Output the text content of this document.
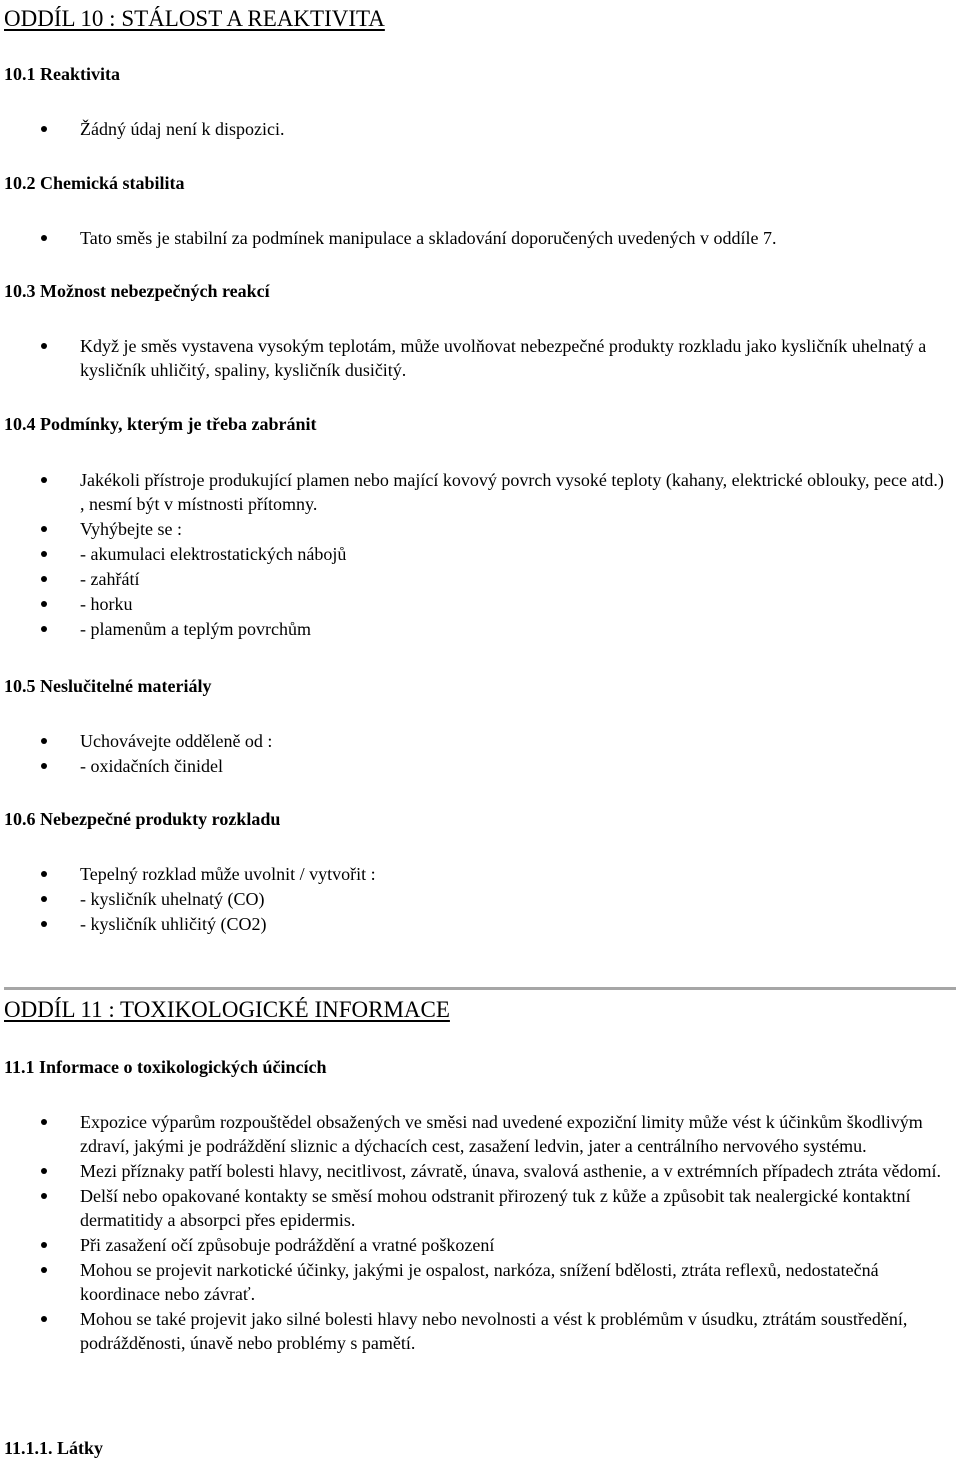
ODDÍL 10 : STÁLOST A REAKTIVITA
10.1 Reaktivita
Žádný údaj není k dispozici.
10.2 Chemická stabilita
Tato směs je stabilní za podmínek manipulace a skladování doporučených uvedených v oddíle 7.
10.3 Možnost nebezpečných reakcí
Když je směs vystavena vysokým teplotám, může uvolňovat nebezpečné produkty rozkladu jako kysličník uhelnatý a kysličník uhličitý, spaliny, kysličník dusičitý.
10.4 Podmínky, kterým je třeba zabránit
Jakékoli přístroje produkující plamen nebo mající kovový povrch vysoké teploty (kahany, elektrické oblouky, pece atd.) , nesmí být v místnosti přítomny.
Vyhýbejte se :
- akumulaci elektrostatických nábojů
- zahřátí
- horku
- plamenům a teplým povrchům
10.5 Neslučitelné materiály
Uchovávejte odděleně od :
- oxidačních činidel
10.6 Nebezpečné produkty rozkladu
Tepelný rozklad může uvolnit / vytvořit :
- kysličník uhelnatý (CO)
- kysličník uhličitý (CO2)
ODDÍL 11 : TOXIKOLOGICKÉ INFORMACE
11.1 Informace o toxikologických účincích
Expozice výparům rozpouštědel obsažených ve směsi nad uvedené expoziční limity může vést k účinkům škodlivým zdraví, jakými je podráždění sliznic a dýchacích cest, zasažení ledvin, jater a centrálního nervového systému.
Mezi příznaky patří bolesti hlavy, necitlivost, závratě, únava, svalová asthenie, a v extrémních případech ztráta vědomí.
Delší nebo opakované kontakty se směsí mohou odstranit přirozený tuk z kůže a způsobit tak nealergické kontaktní dermatitidy a absorpci přes epidermis.
Při zasažení očí způsobuje podráždění a vratné poškození
Mohou se projevit narkotické účinky, jakými je ospalost, narkóza, snížení bdělosti, ztráta reflexů, nedostatečná koordinace nebo závrať.
Mohou se také projevit jako silné bolesti hlavy nebo nevolnosti a vést k problémům v úsudku, ztrátám soustředění, podrážděnosti, únavě nebo problémy s pamětí.
11.1.1. Látky
